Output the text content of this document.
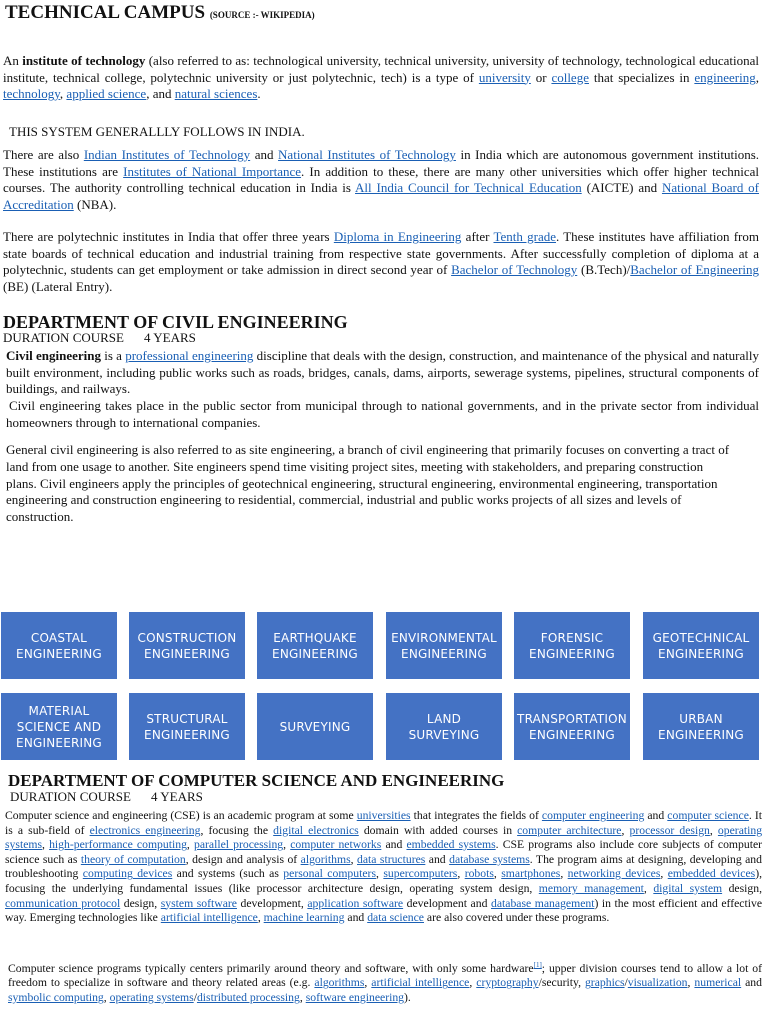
TECHNICAL CAMPUS (SOURCE :- WIKIPEDIA)

An institute of technology (also referred to as: technological university, technical university, university of technology, technological educational institute, technical college, polytechnic university or just polytechnic, tech) is a type of university or college that specializes in engineering, technology, applied science, and natural sciences.

THIS SYSTEM GENERALLLY FOLLOWS IN INDIA.

There are also Indian Institutes of Technology and National Institutes of Technology in India which are autonomous government institutions. These institutions are Institutes of National Importance. In addition to these, there are many other universities which offer higher technical courses. The authority controlling technical education in India is All India Council for Technical Education (AICTE) and National Board of Accreditation (NBA).

There are polytechnic institutes in India that offer three years Diploma in Engineering after Tenth grade. These institutes have affiliation from state boards of technical education and industrial training from respective state governments. After successfully completion of diploma at a polytechnic, students can get employment or take admission in direct second year of Bachelor of Technology (B.Tech)/Bachelor of Engineering (BE) (Lateral Entry).

DEPARTMENT OF CIVIL ENGINEERING

DURATION COURSE 4 YEARS

Civil engineering is a professional engineering discipline that deals with the design, construction, and maintenance of the physical and naturally built environment, including public works such as roads, bridges, canals, dams, airports, sewerage systems, pipelines, structural components of buildings, and railways.

Civil engineering takes place in the public sector from municipal through to national governments, and in the private sector from individual homeowners through to international companies.

General civil engineering is also referred to as site engineering, a branch of civil engineering that primarily focuses on converting a tract of land from one usage to another. Site engineers spend time visiting project sites, meeting with stakeholders, and preparing construction plans. Civil engineers apply the principles of geotechnical engineering, structural engineering, environmental engineering, transportation engineering and construction engineering to residential, commercial, industrial and public works projects of all sizes and levels of construction.

COASTAL ENGINEERING
CONSTRUCTION ENGINEERING
EARTHQUAKE ENGINEERING
ENVIRONMENTAL ENGINEERING
FORENSIC ENGINEERING
GEOTECHNICAL ENGINEERING
MATERIAL SCIENCE AND ENGINEERING
STRUCTURAL ENGINEERING
SURVEYING
LAND SURVEYING
TRANSPORTATION ENGINEERING
URBAN ENGINEERING
DEPARTMENT OF COMPUTER SCIENCE AND ENGINEERING

DURATION COURSE 4 YEARS

Computer science and engineering (CSE) is an academic program at some universities that integrates the fields of computer engineering and computer science. It is a sub-field of electronics engineering, focusing the digital electronics domain with added courses in computer architecture, processor design, operating systems, high-performance computing, parallel processing, computer networks and embedded systems. CSE programs also include core subjects of computer science such as theory of computation, design and analysis of algorithms, data structures and database systems. The program aims at designing, developing and troubleshooting computing devices and systems (such as personal computers, supercomputers, robots, smartphones, networking devices, embedded devices), focusing the underlying fundamental issues (like processor architecture design, operating system design, memory management, digital system design, communication protocol design, system software development, application software development and database management) in the most efficient and effective way. Emerging technologies like artificial intelligence, machine learning and data science are also covered under these programs.

Computer science programs typically centers primarily around theory and software, with only some hardware[1]; upper division courses tend to allow a lot of freedom to specialize in software and theory related areas (e.g. algorithms, artificial intelligence, cryptography/security, graphics/visualization, numerical and symbolic computing, operating systems/distributed processing, software engineering).
